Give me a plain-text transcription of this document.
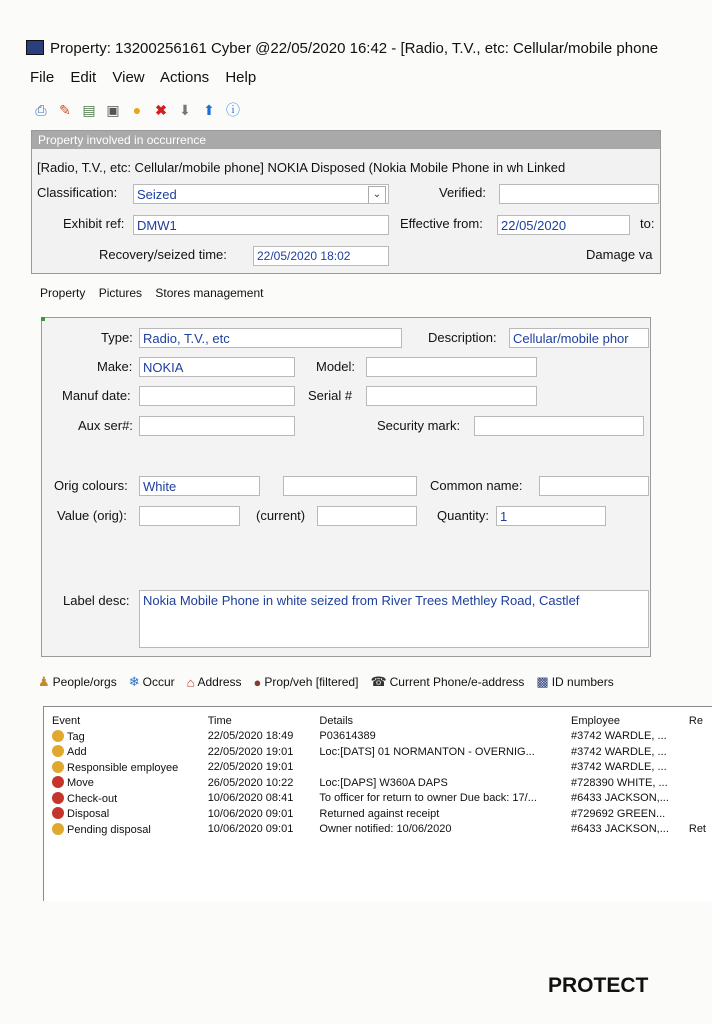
Property: 13200256161 Cyber @22/05/2020 16:42 - [Radio, T.V., etc: Cellular/mobile phone
File Edit View Actions Help
⎙ ✎ ▤ ▣ ● ✖ ⬇ ⬆ ⓘ
Property involved in occurrence
[Radio, T.V., etc: Cellular/mobile phone] NOKIA Disposed (Nokia Mobile Phone in wh Linked
Classification:	Seized	⌄	Verified:
Exhibit ref: DMW1	Effective from:	22/05/2020	to:
Recovery/seized time:	22/05/2020 18:02	Damage va
Property Pictures Stores management
Type: Radio, T.V., etc	Description:	Cellular/mobile phor
Make: NOKIA	Model:
Manuf date:	Serial #
Aux ser#:	Security mark:
Orig colours:	White	Common name:
Value (orig):	(current)	Quantity: 1
Label desc:	Nokia Mobile Phone in white seized from River Trees Methley Road, Castlef
♟ People/orgs ❄ Occur ⌂ Address ● Prop/veh [filtered] ☎ Current Phone/e-address ▩ ID numbers
Event	Time	Details	Employee	Re
Tag	22/05/2020 18:49	P03614389	#3742 WARDLE, ...	
Add	22/05/2020 19:01	Loc:[DATS] 01 NORMANTON - OVERNIG...	#3742 WARDLE, ...	
Responsible employee	22/05/2020 19:01		#3742 WARDLE, ...	
Move	26/05/2020 10:22	Loc:[DAPS] W360A DAPS	#728390 WHITE, ...	
Check-out	10/06/2020 08:41	To officer for return to owner Due back: 17/...	#6433 JACKSON,...	
Disposal	10/06/2020 09:01	Returned against receipt	#729692 GREEN...	
Pending disposal	10/06/2020 09:01	Owner notified: 10/06/2020	#6433 JACKSON,...	Ret
PROTECT
